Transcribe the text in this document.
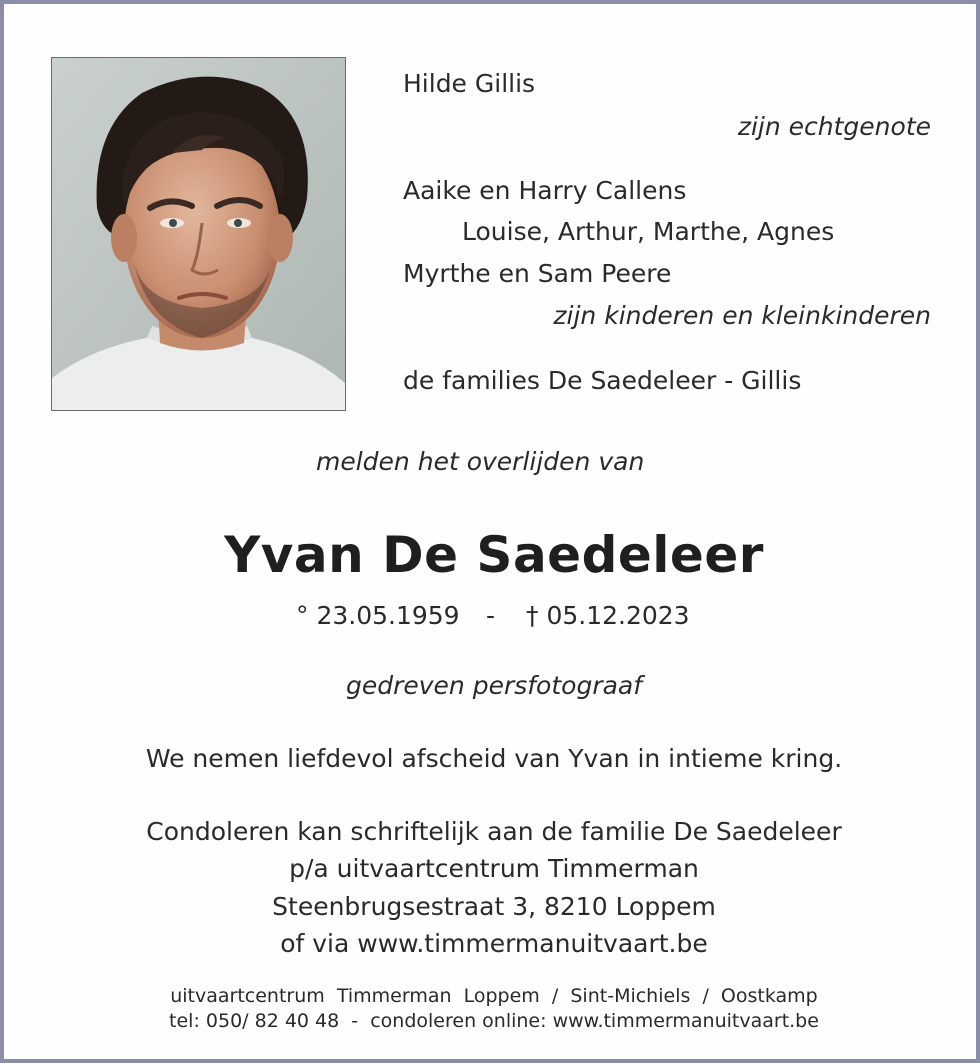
Hilde Gillis
zijn echtgenote
Aaike en Harry Callens
Louise, Arthur, Marthe, Agnes
Myrthe en Sam Peere
zijn kinderen en kleinkinderen
de families De Saedeleer - Gillis
melden het overlijden van
Yvan De Saedeleer
° 23.05.1959 - † 05.12.2023
gedreven persfotograaf
We nemen liefdevol afscheid van Yvan in intieme kring.
Condoleren kan schriftelijk aan de familie De Saedeleer
p/a uitvaartcentrum Timmerman
Steenbrugsestraat 3, 8210 Loppem
of via www.timmermanuitvaart.be
uitvaartcentrum  Timmerman  Loppem  /  Sint-Michiels  /  Oostkamp
tel: 050/ 82 40 48  -  condoleren online: www.timmermanuitvaart.be
